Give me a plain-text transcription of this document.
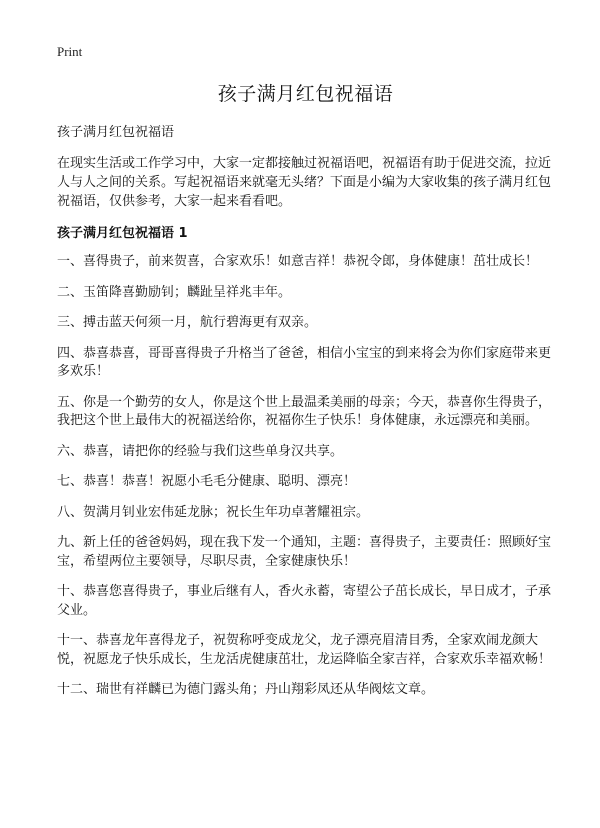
Print

孩子满月红包祝福语

孩子满月红包祝福语

在现实生活或工作学习中，大家一定都接触过祝福语吧，祝福语有助于促进交流，拉近人与人之间的关系。写起祝福语来就毫无头绪？下面是小编为大家收集的孩子满月红包祝福语，仅供参考，大家一起来看看吧。

孩子满月红包祝福语 1
一、喜得贵子，前来贺喜，合家欢乐！如意吉祥！恭祝令郎，身体健康！茁壮成长！
二、玉笛降喜勤励钊；麟趾呈祥兆丰年。
三、搏击蓝天何须一月，航行碧海更有双亲。
四、恭喜恭喜，哥哥喜得贵子升格当了爸爸，相信小宝宝的到来将会为你们家庭带来更多欢乐！
五、你是一个勤劳的女人，你是这个世上最温柔美丽的母亲；今天，恭喜你生得贵子，我把这个世上最伟大的祝福送给你，祝福你生子快乐！身体健康，永远漂亮和美丽。
六、恭喜，请把你的经验与我们这些单身汉共享。
七、恭喜！恭喜！祝愿小毛毛分健康、聪明、漂亮！
八、贺满月钊业宏伟延龙脉；祝长生年功卓著耀祖宗。
九、新上任的爸爸妈妈，现在我下发一个通知，主题：喜得贵子，主要责任：照顾好宝宝，希望两位主要领导，尽职尽责，全家健康快乐！
十、恭喜您喜得贵子，事业后继有人，香火永蓄，寄望公子茁长成长，早日成才，子承父业。
十一、恭喜龙年喜得龙子，祝贺称呼变成龙父，龙子漂亮眉清目秀，全家欢闹龙颜大悦，祝愿龙子快乐成长，生龙活虎健康茁壮，龙运降临全家吉祥，合家欢乐幸福欢畅！
十二、瑞世有祥麟已为德门露头角；丹山翔彩凤还从华阀炫文章。
